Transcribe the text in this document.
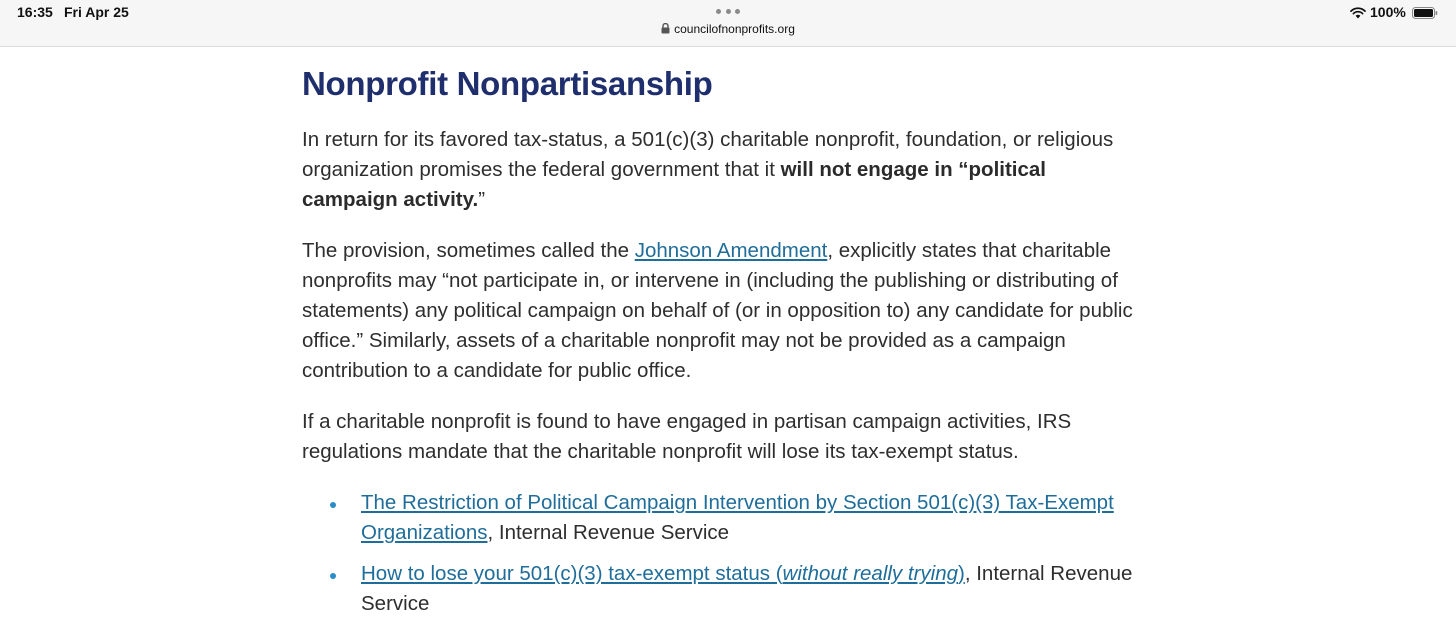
16:35 Fri Apr 25
councilofnonprofits.org
100%
Nonprofit Nonpartisanship

In return for its favored tax-status, a 501(c)(3) charitable nonprofit, foundation, or religious organization promises the federal government that it will not engage in “political campaign activity.”

The provision, sometimes called the Johnson Amendment, explicitly states that charitable nonprofits may “not participate in, or intervene in (including the publishing or distributing of statements) any political campaign on behalf of (or in opposition to) any candidate for public office.” Similarly, assets of a charitable nonprofit may not be provided as a campaign contribution to a candidate for public office.

If a charitable nonprofit is found to have engaged in partisan campaign activities, IRS regulations mandate that the charitable nonprofit will lose its tax-exempt status.

The Restriction of Political Campaign Intervention by Section 501(c)(3) Tax-Exempt Organizations, Internal Revenue Service
How to lose your 501(c)(3) tax-exempt status (without really trying), Internal Revenue Service
